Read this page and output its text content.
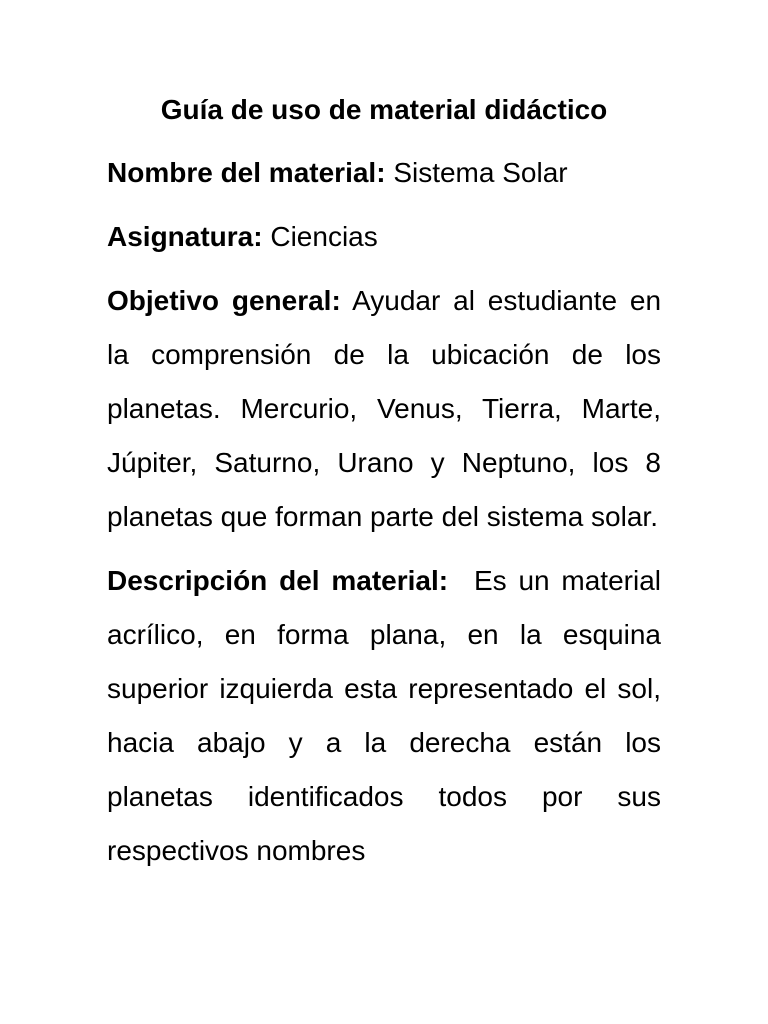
Guía de uso de material didáctico

Nombre del material: Sistema Solar

Asignatura: Ciencias

Objetivo general: Ayudar al estudiante en la comprensión de la ubicación de los planetas. Mercurio, Venus, Tierra, Marte, Júpiter, Saturno, Urano y Neptuno, los 8 planetas que forman parte del sistema solar.

Descripción del material: Es un material acrílico, en forma plana, en la esquina superior izquierda esta representado el sol, hacia abajo y a la derecha están los planetas identificados todos por sus respectivos nombres
